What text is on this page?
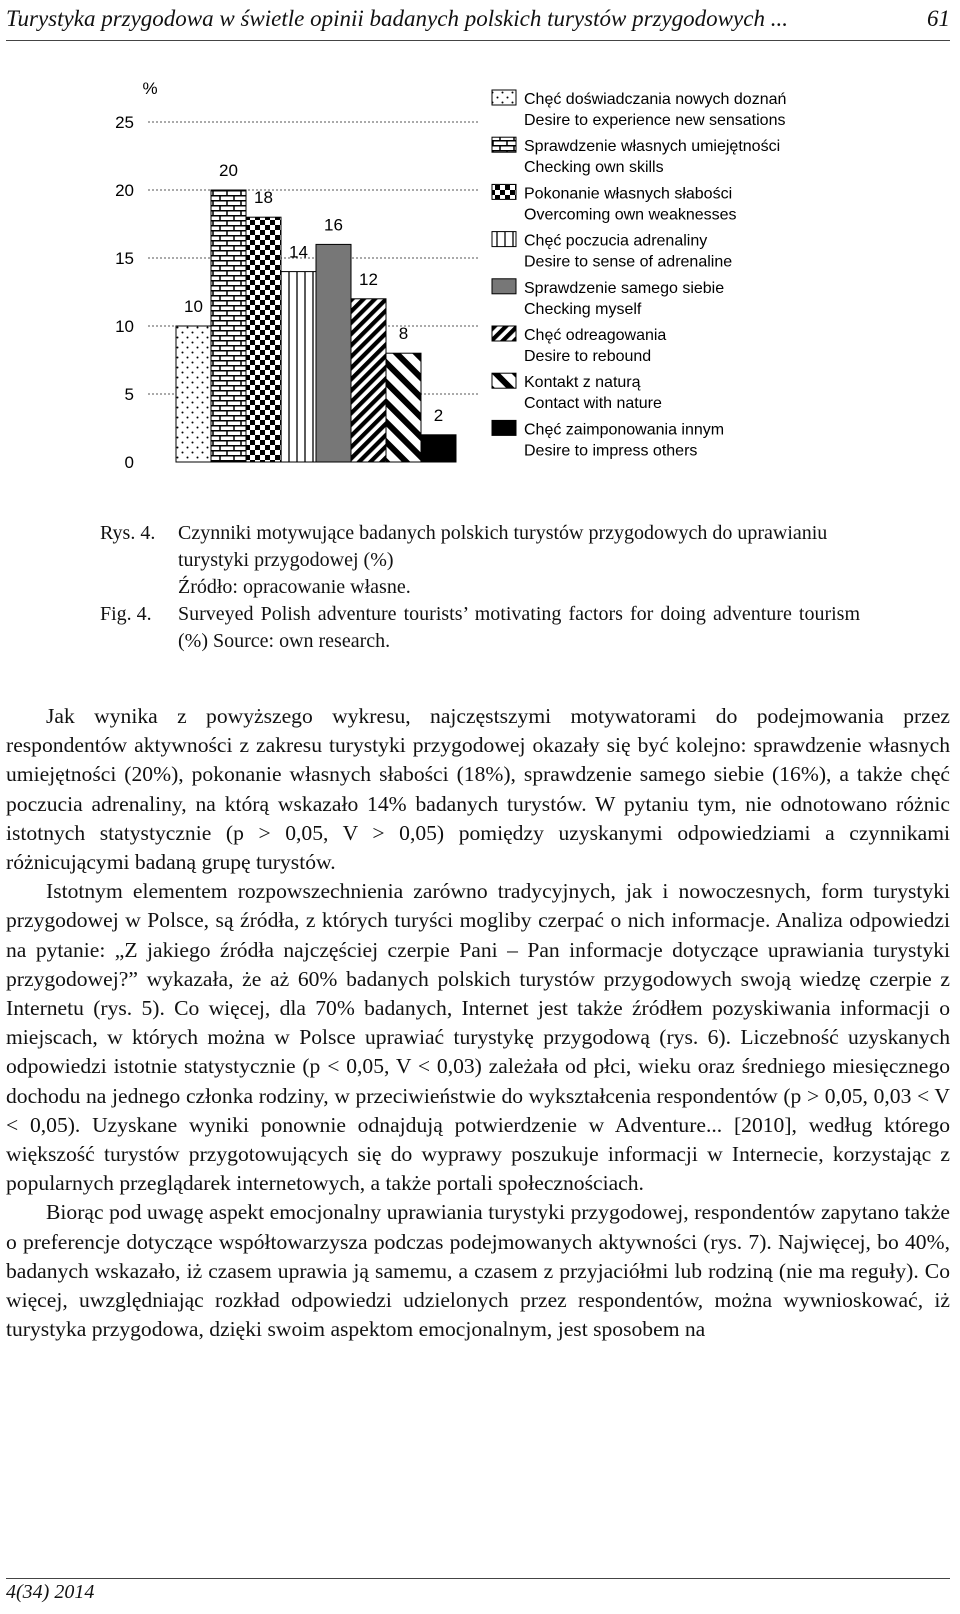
Turystyka przygodowa w świetle opinii badanych polskich turystów przygodowych ...	61
%
0
5
10
15
20
25
10
20
18
14
16
12
8
2
Chęć doświadczania nowych doznań
Desire to experience new sensations
Sprawdzenie własnych umiejętności
Checking own skills
Pokonanie własnych słabości
Overcoming own weaknesses
Chęć poczucia adrenaliny
Desire to sense of adrenaline
Sprawdzenie samego siebie
Checking myself
Chęć odreagowania
Desire to rebound
Kontakt z naturą
Contact with nature
Chęć zaimponowania innym
Desire to impress others
Rys. 4.	Czynniki motywujące badanych polskich turystów przygodowych do uprawianiu turystyki przygodowej (%)
Źródło: opracowanie własne.
Fig. 4.	Surveyed Polish adventure tourists’ motivating factors for doing adventure tourism (%) Source: own research.

Jak wynika z powyższego wykresu, najczęstszymi motywatorami do podejmowania przez respondentów aktywności z zakresu turystyki przygodowej okazały się być kolejno: sprawdzenie własnych umiejętności (20%), pokonanie własnych słabości (18%), sprawdzenie samego siebie (16%), a także chęć poczucia adrenaliny, na którą wskazało 14% badanych turystów. W pytaniu tym, nie odnotowano różnic istotnych statystycznie (p > 0,05, V > 0,05) pomiędzy uzyskanymi odpowiedziami a czynnikami różnicującymi badaną grupę turystów.

Istotnym elementem rozpowszechnienia zarówno tradycyjnych, jak i nowoczesnych, form turystyki przygodowej w Polsce, są źródła, z których turyści mogliby czerpać o nich informacje. Analiza odpowiedzi na pytanie: „Z jakiego źródła najczęściej czerpie Pani – Pan informacje dotyczące uprawiania turystyki przygodowej?” wykazała, że aż 60% badanych polskich turystów przygodowych swoją wiedzę czerpie z Internetu (rys. 5). Co więcej, dla 70% badanych, Internet jest także źródłem pozyskiwania informacji o miejscach, w których można w Polsce uprawiać turystykę przygodową (rys. 6). Liczebność uzyskanych odpowiedzi istotnie statystycznie (p < 0,05, V < 0,03) zależała od płci, wieku oraz średniego miesięcznego dochodu na jednego członka rodziny, w przeciwieństwie do wykształcenia respondentów (p > 0,05, 0,03 < V < 0,05). Uzyskane wyniki ponownie odnajdują potwierdzenie w Adventure... [2010], według którego większość turystów przygotowujących się do wyprawy poszukuje informacji w Internecie, korzystając z popularnych przeglądarek internetowych, a także portali społecznościach.

Biorąc pod uwagę aspekt emocjonalny uprawiania turystyki przygodowej, respondentów zapytano także o preferencje dotyczące współtowarzysza podczas podejmowanych aktywności (rys. 7). Najwięcej, bo 40%, badanych wskazało, iż czasem uprawia ją samemu, a czasem z przyjaciółmi lub rodziną (nie ma reguły). Co więcej, uwzględniając rozkład odpowiedzi udzielonych przez respondentów, można wywnioskować, iż turystyka przygodowa, dzięki swoim aspektom emocjonalnym, jest sposobem na

4(34) 2014
